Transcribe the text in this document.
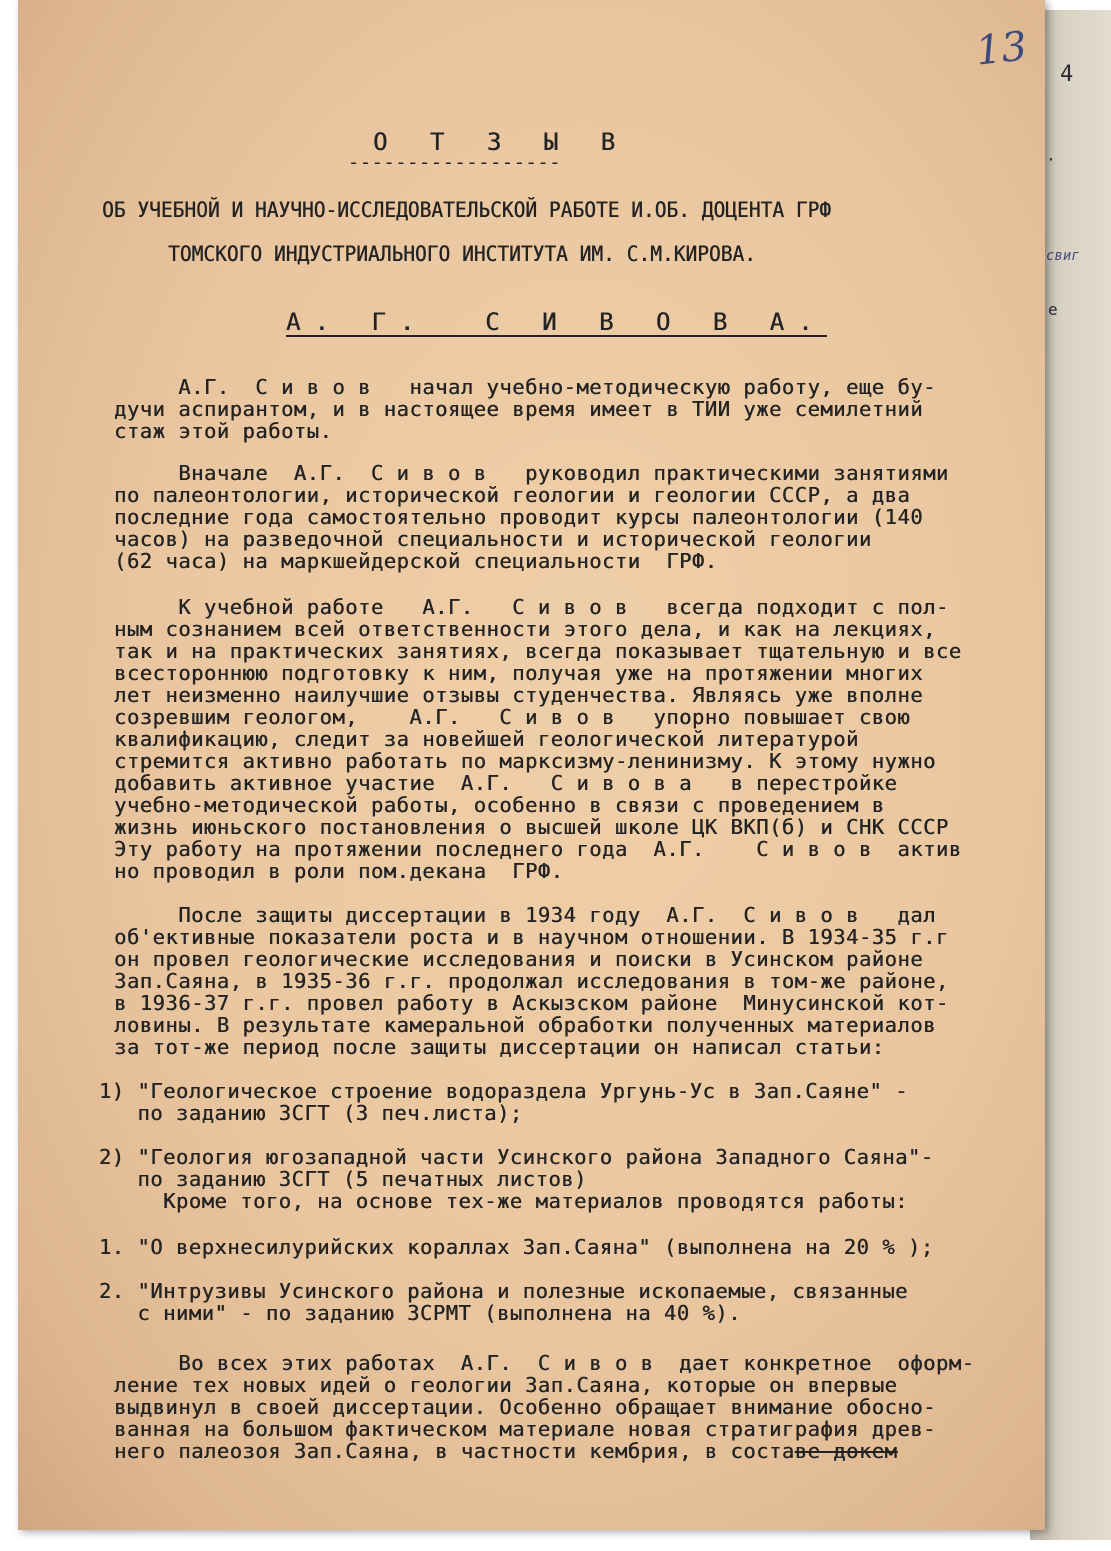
4
свиг
·
e
13
О Т З Ы В
------------------
ОБ УЧЕБНОЙ И НАУЧНО-ИССЛЕДОВАТЕЛЬСКОЙ РАБОТЕ И.ОБ. ДОЦЕНТА ГРФ
ТОМСКОГО ИНДУСТРИАЛЬНОГО ИНСТИТУТА ИМ. С.М.КИРОВА.
А. Г.  С И В О В А.
А.Г.  С и в о в   начал учебно-методическую работу, еще бу-
дучи аспирантом, и в настоящее время имеет в ТИИ уже семилетний
стаж этой работы.
Вначале  А.Г.  С и в о в   руководил практическими занятиями
по палеонтологии, исторической геологии и геологии СССР, а два
последние года самостоятельно проводит курсы палеонтологии (140
часов) на разведочной специальности и исторической геологии
(62 часа) на маркшейдерской специальности  ГРФ.
К учебной работе   А.Г.   С и в о в   всегда подходит с пол-
ным сознанием всей ответственности этого дела, и как на лекциях,
так и на практических занятиях, всегда показывает тщательную и все
всестороннюю подготовку к ним, получая уже на протяжении многих
лет неизменно наилучшие отзывы студенчества. Являясь уже вполне
созревшим геологом,    А.Г.   С и в о в   упорно повышает свою
квалификацию, следит за новейшей геологической литературой
стремится активно работать по марксизму-ленинизму. К этому нужно
добавить активное участие  А.Г.   С и в о в а   в перестройке
учебно-методической работы, особенно в связи с проведением в
жизнь июньского постановления о высшей школе ЦК ВКП(б) и СНК СССР
Эту работу на протяжении последнего года  А.Г.    С и в о в  актив
но проводил в роли пом.декана  ГРФ.
После защиты диссертации в 1934 году  А.Г.  С и в о в   дал
об'ективные показатели роста и в научном отношении. В 1934-35 г.г
он провел геологические исследования и поиски в Усинском районе
Зап.Саяна, в 1935-36 г.г. продолжал исследования в том-же районе,
в 1936-37 г.г. провел работу в Аскызском районе  Минусинской кот-
ловины. В результате камеральной обработки полученных материалов
за тот-же период после защиты диссертации он написал статьи:
1) "Геологическое строение водораздела Ургунь-Ус в Зап.Саяне" -
по заданию ЗСГТ (3 печ.листа);
2) "Геология югозападной части Усинского района Западного Саяна"-
по заданию ЗСГТ (5 печатных листов)
Кроме того, на основе тех-же материалов проводятся работы:
1. "О верхнесилурийских кораллах Зап.Саяна" (выполнена на 20 % );
2. "Интрузивы Усинского района и полезные ископаемые, связанные
с ними" - по заданию ЗСРМТ (выполнена на 40 %).
Во всех этих работах  А.Г.  С и в о в  дает конкретное  оформ-
ление тех новых идей о геологии Зап.Саяна, которые он впервые
выдвинул в своей диссертации. Особенно обращает внимание обосно-
ванная на большом фактическом материале новая стратиграфия древ-
него палеозоя Зап.Саяна, в частности кембрия, в составe докем
